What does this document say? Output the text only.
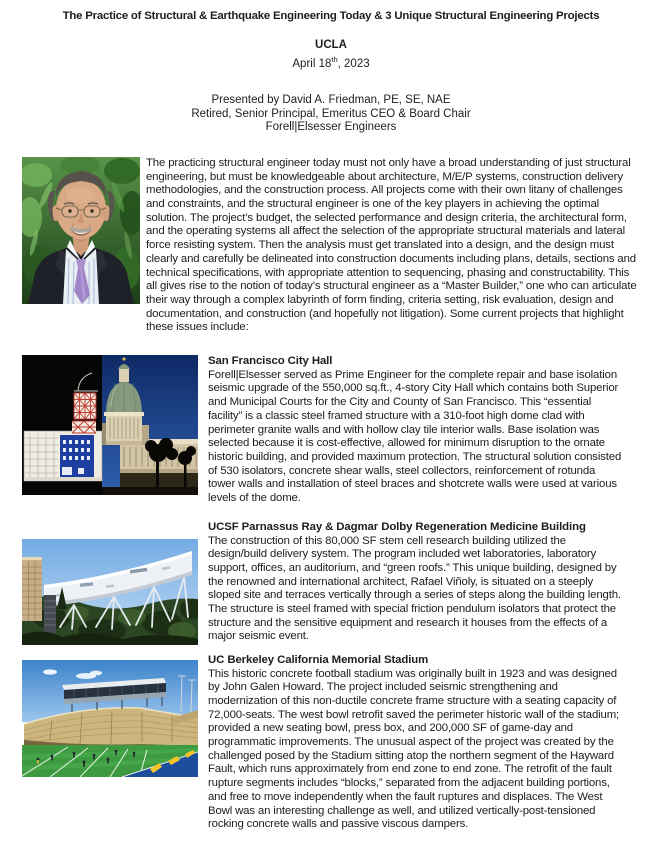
The Practice of Structural & Earthquake Engineering Today & 3 Unique Structural Engineering Projects
UCLA
April 18th, 2023
Presented by David A. Friedman, PE, SE, NAE
Retired, Senior Principal, Emeritus CEO & Board Chair
Forell|Elsesser Engineers

The practicing structural engineer today must not only have a broad understanding of just structural engineering, but must be knowledgeable about architecture, M/E/P systems, construction delivery methodologies, and the construction process. All projects come with their own litany of challenges and constraints, and the structural engineer is one of the key players in achieving the optimal solution. The project’s budget, the selected performance and design criteria, the architectural form, and the operating systems all affect the selection of the appropriate structural materials and lateral force resisting system. Then the analysis must get translated into a design, and the design must clearly and carefully be delineated into construction documents including plans, details, sections and technical specifications, with appropriate attention to sequencing, phasing and constructability. This all gives rise to the notion of today’s structural engineer as a “Master Builder,” one who can articulate their way through a complex labyrinth of form finding, criteria setting, risk evaluation, design and documentation, and construction (and hopefully not litigation). Some current projects that highlight these issues include:

San Francisco City Hall

Forell|Elsesser served as Prime Engineer for the complete repair and base isolation seismic upgrade of the 550,000 sq.ft., 4-story City Hall which contains both Superior and Municipal Courts for the City and County of San Francisco. This “essential facility” is a classic steel framed structure with a 310-foot high dome clad with perimeter granite walls and with hollow clay tile interior walls. Base isolation was selected because it is cost-effective, allowed for minimum disruption to the ornate historic building, and provided maximum protection. The structural solution consisted of 530 isolators, concrete shear walls, steel collectors, reinforcement of rotunda tower walls and installation of steel braces and shotcrete walls were used at various levels of the dome.

UCSF Parnassus Ray & Dagmar Dolby Regeneration Medicine Building

The construction of this 80,000 SF stem cell research building utilized the design/build delivery system. The program included wet laboratories, laboratory support, offices, an auditorium, and “green roofs.” This unique building, designed by the renowned and international architect, Rafael Viñoly, is situated on a steeply sloped site and terraces vertically through a series of steps along the building length. The structure is steel framed with special friction pendulum isolators that protect the structure and the sensitive equipment and research it houses from the effects of a major seismic event.

UC Berkeley California Memorial Stadium

This historic concrete football stadium was originally built in 1923 and was designed by John Galen Howard. The project included seismic strengthening and modernization of this non-ductile concrete frame structure with a seating capacity of 72,000-seats. The west bowl retrofit saved the perimeter historic wall of the stadium; provided a new seating bowl, press box, and 200,000 SF of game-day and programmatic improvements. The unusual aspect of the project was created by the challenged posed by the Stadium sitting atop the northern segment of the Hayward Fault, which runs approximately from end zone to end zone. The retrofit of the fault rupture segments includes “blocks,” separated from the adjacent building portions, and free to move independently when the fault ruptures and displaces. The West Bowl was an interesting challenge as well, and utilized vertically-post-tensioned rocking concrete walls and passive viscous dampers.
